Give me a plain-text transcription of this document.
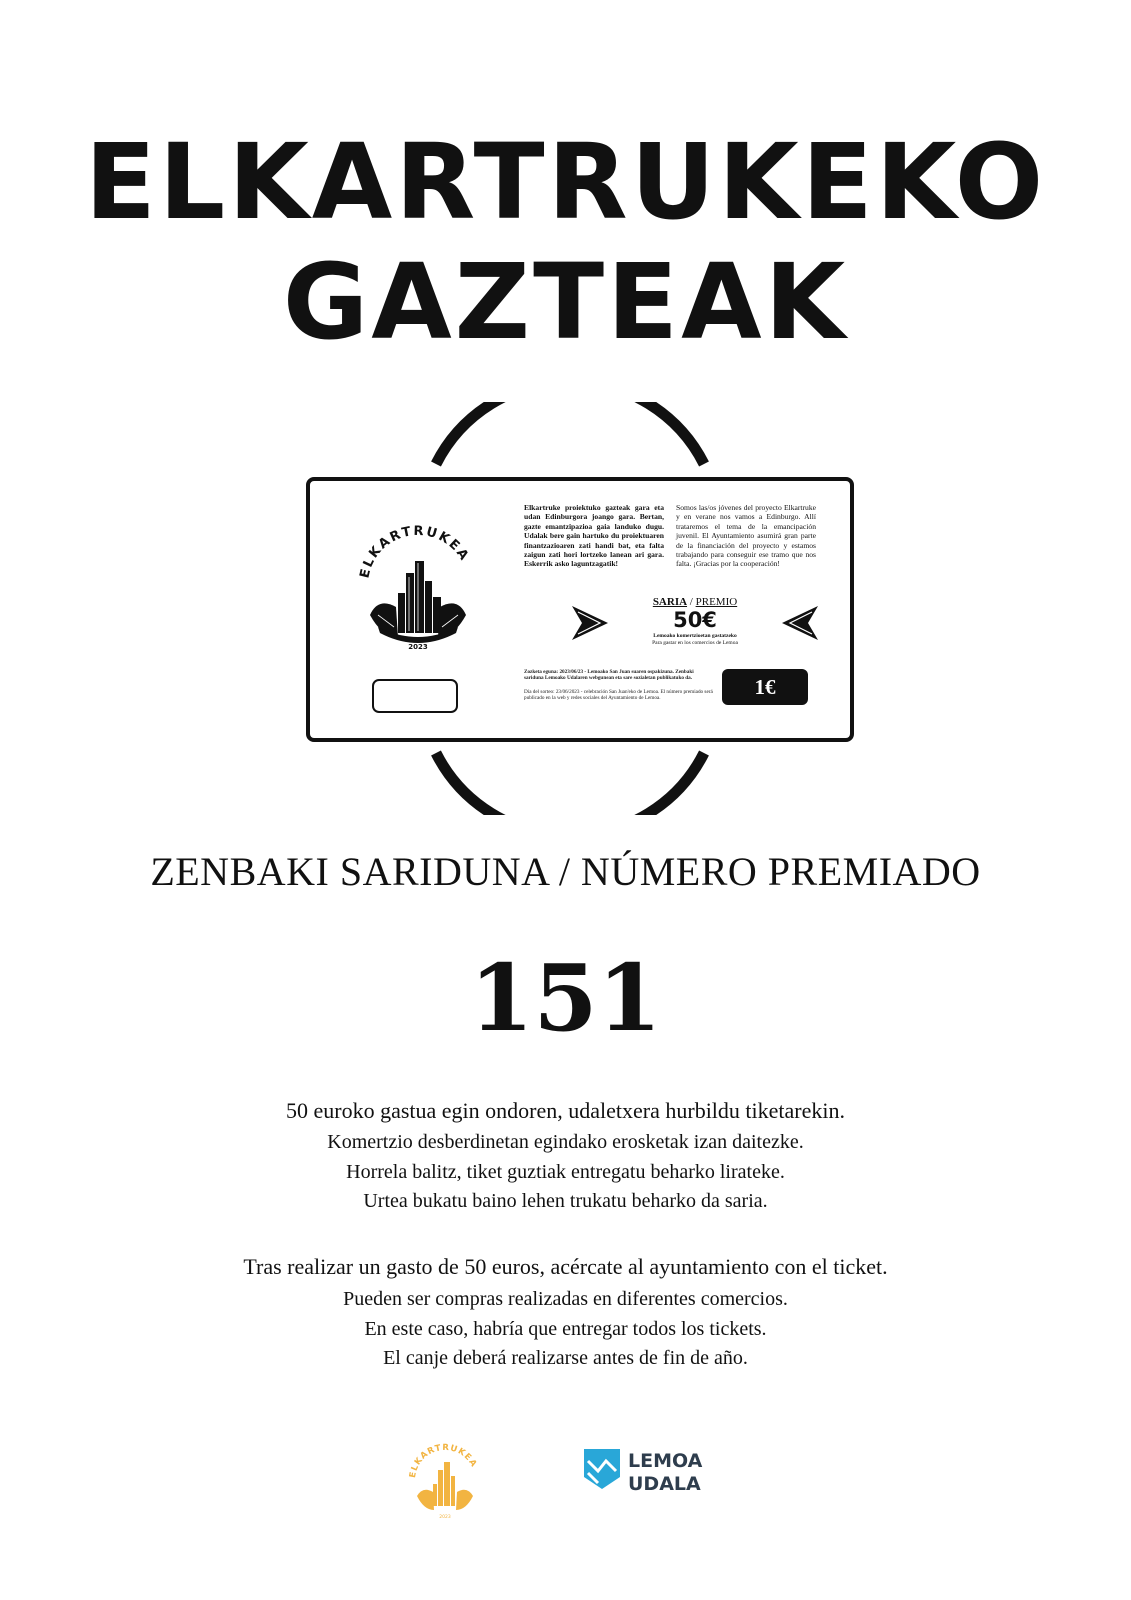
ELKARTRUKEKO
GAZTEAK
ELKARTRUKEA
2023
Elkartruke proiektuko gazteak gara eta udan Edinburgora joango gara. Bertan, gazte emantzipazioa gaia landuko dugu. Udalak bere gain hartuko du proiektuaren finantzazioaren zati handi bat, eta falta zaigun zati hori lortzeko lanean ari gara. Eskerrik asko laguntzagatik!
Somos las/os jóvenes del proyecto Elkartruke y en verane nos vamos a Edinburgo. Allí trataremos el tema de la emancipación juvenil. El Ayuntamiento asumirá gran parte de la financiación del proyecto y estamos trabajando para conseguir ese tramo que nos falta. ¡Gracias por la cooperación!
SARIA / PREMIO
50€
Lemoako komertzioetan gastatzeko
Para gastar en los comercios de Lemoa
Zozketa eguna: 2023/06/23 - Lemoako San Juan suaren ospakizuna. Zenbaki saridunа Lemoako Udalaren webgunean eta sare sozialetan publikatuko da.
Día del sorteo: 23/06/2023 - celebración San Juan'eko de Lemoa. El número premiado será publicado en la web y redes sociales del Ayuntamiento de Lemoa.	1€
ZENBAKI SARIDUNA / NÚMERO PREMIADO
151
50 euroko gastua egin ondoren, udaletxera hurbildu tiketarekin.
Komertzio desberdinetan egindako erosketak izan daitezke.
Horrela balitz, tiket guztiak entregatu beharko lirateke.
Urtea bukatu baino lehen trukatu beharko da saria.
Tras realizar un gasto de 50 euros, acércate al ayuntamiento con el ticket.
Pueden ser compras realizadas en diferentes comercios.
En este caso, habría que entregar todos los tickets.
El canje deberá realizarse antes de fin de año.
ELKARTRUKEA
2023
LEMOA
UDALA
